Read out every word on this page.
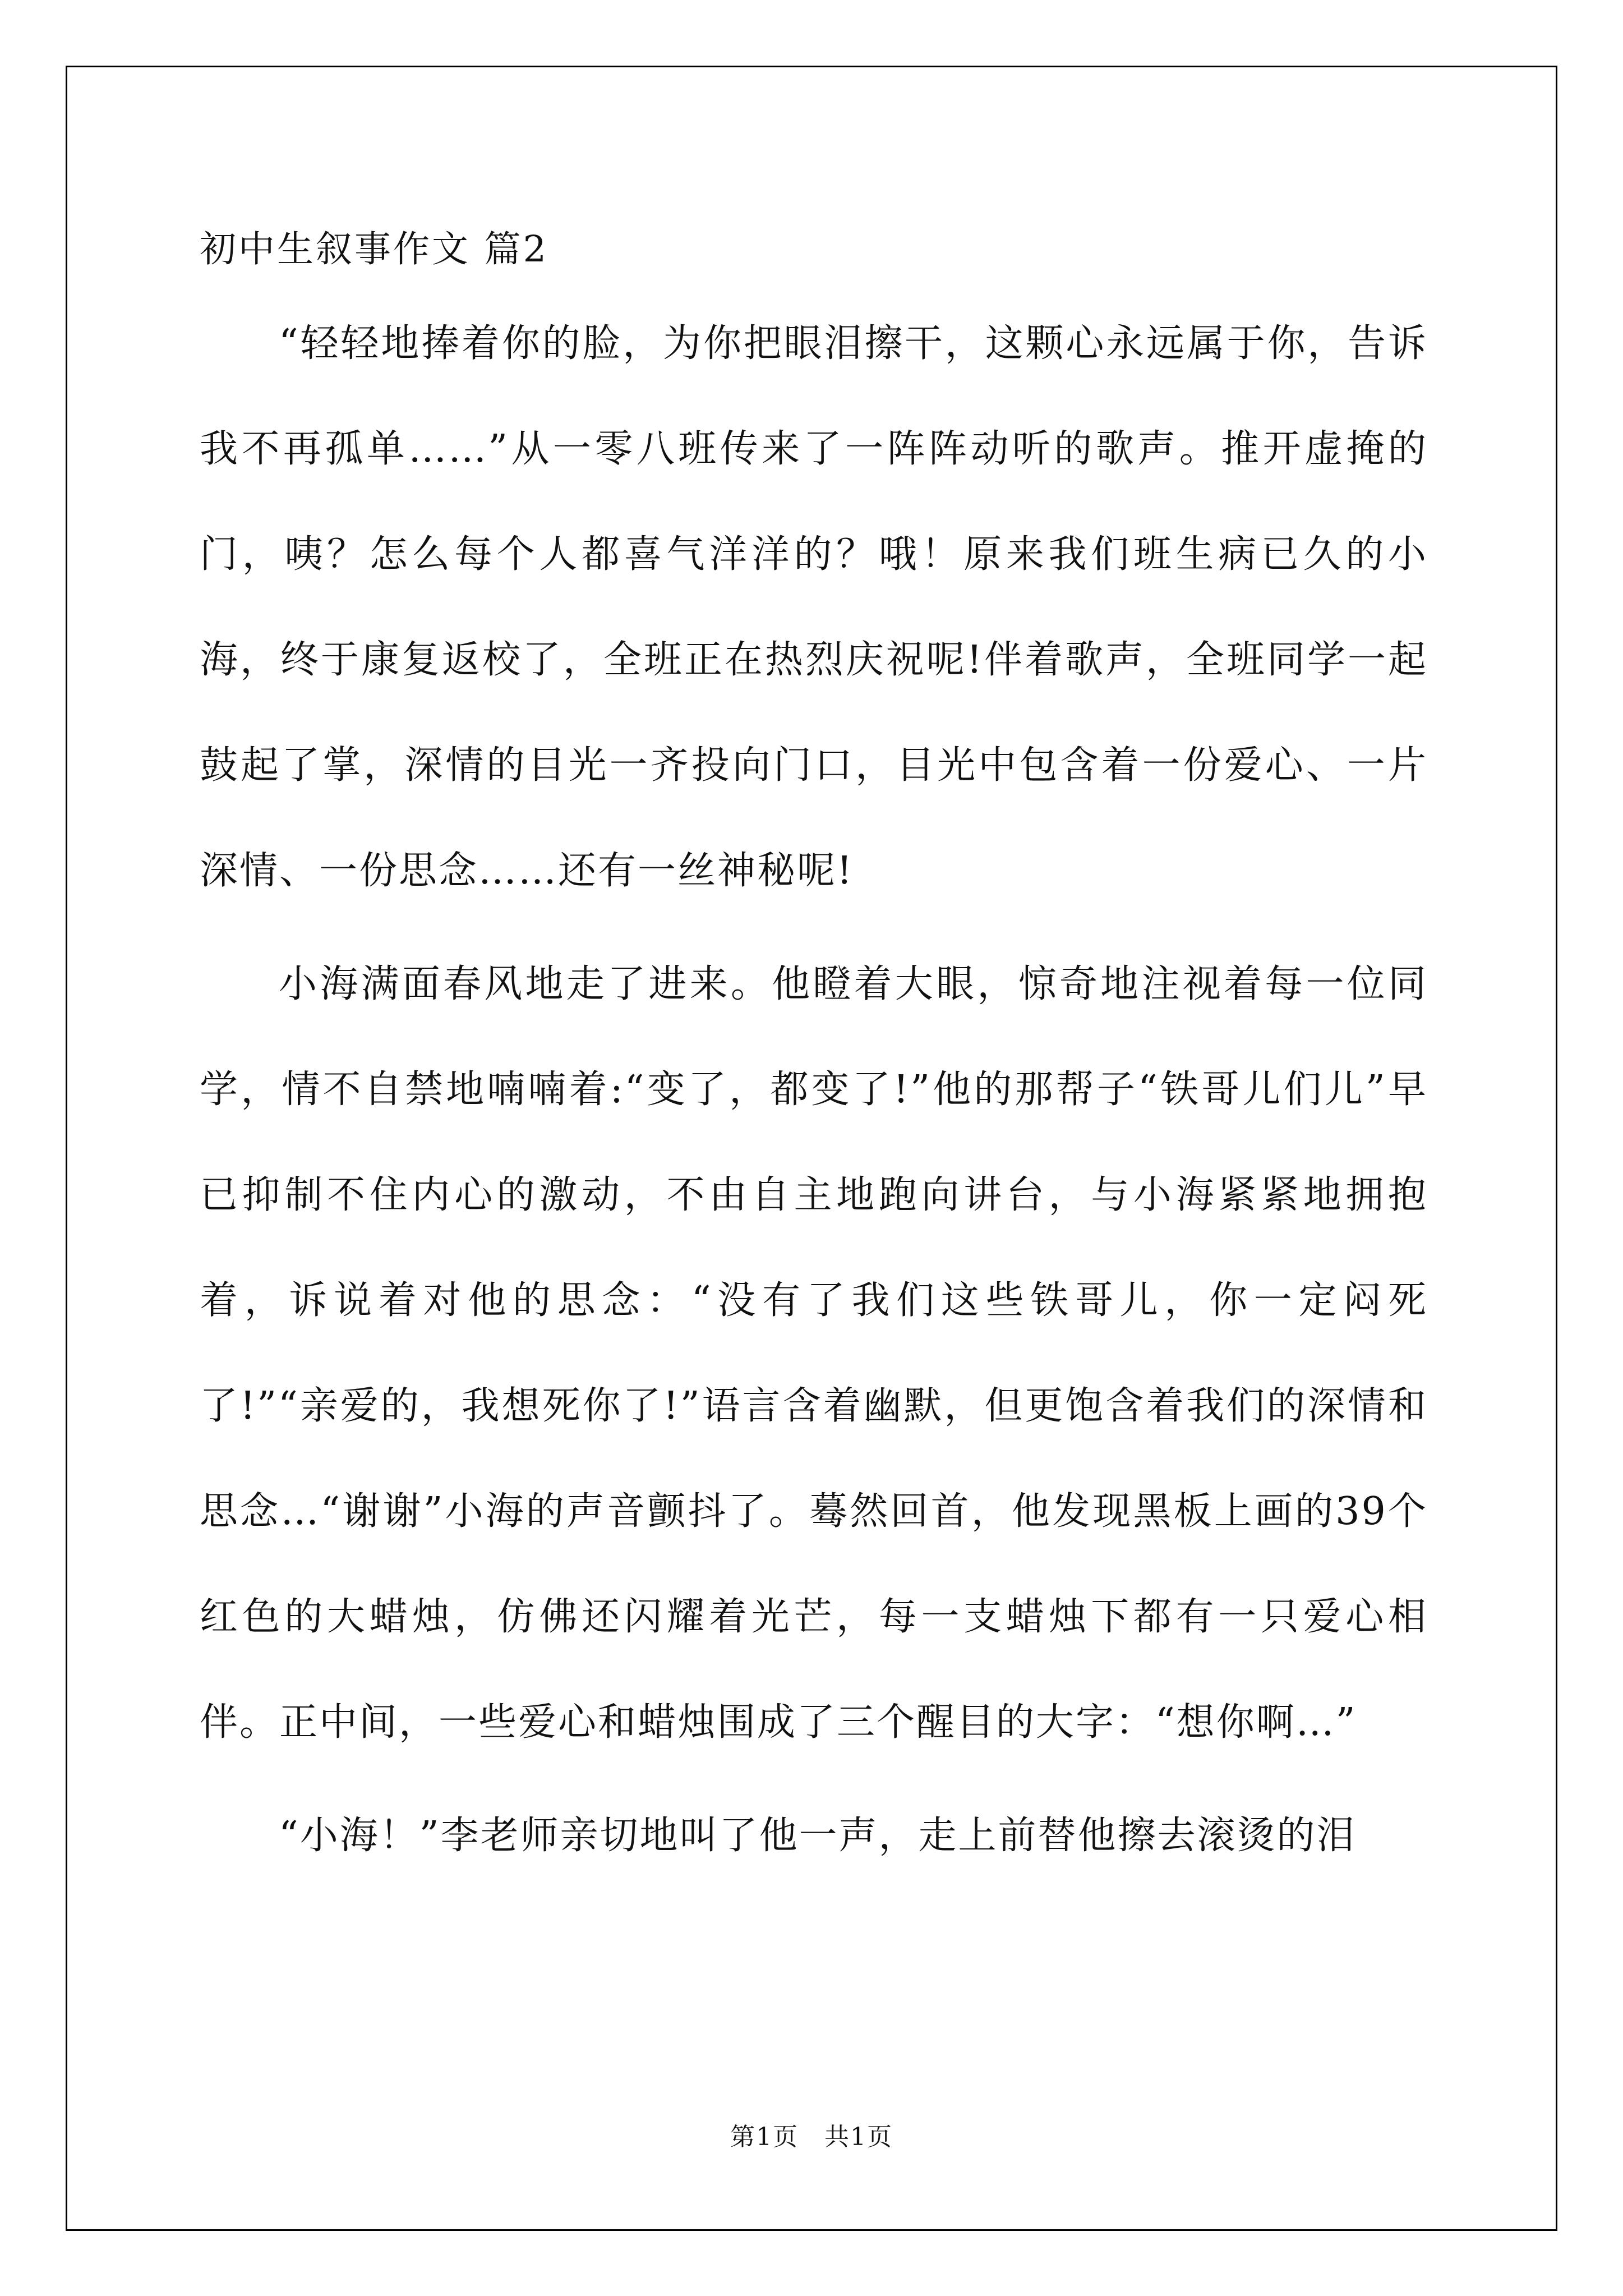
初中生叙事作文 篇2

“轻轻地捧着你的脸，为你把眼泪擦干，这颗心永远属于你，告诉我不再孤单……”从一零八班传来了一阵阵动听的歌声。推开虚掩的门，咦？怎么每个人都喜气洋洋的？哦！原来我们班生病已久的小海，终于康复返校了，全班正在热烈庆祝呢!伴着歌声，全班同学一起鼓起了掌，深情的目光一齐投向门口，目光中包含着一份爱心、一片深情、一份思念……还有一丝神秘呢!

小海满面春风地走了进来。他瞪着大眼，惊奇地注视着每一位同学，情不自禁地喃喃着:“变了，都变了!”他的那帮子“铁哥儿们儿”早已抑制不住内心的激动，不由自主地跑向讲台，与小海紧紧地拥抱着，诉说着对他的思念：“没有了我们这些铁哥儿，你一定闷死了!”“亲爱的，我想死你了!”语言含着幽默，但更饱含着我们的深情和思念…“谢谢”小海的声音颤抖了。蓦然回首，他发现黑板上画的39个红色的大蜡烛，仿佛还闪耀着光芒，每一支蜡烛下都有一只爱心相伴。正中间，一些爱心和蜡烛围成了三个醒目的大字：“想你啊…”

“小海！”李老师亲切地叫了他一声，走上前替他擦去滚烫的泪

第1页　共1页
